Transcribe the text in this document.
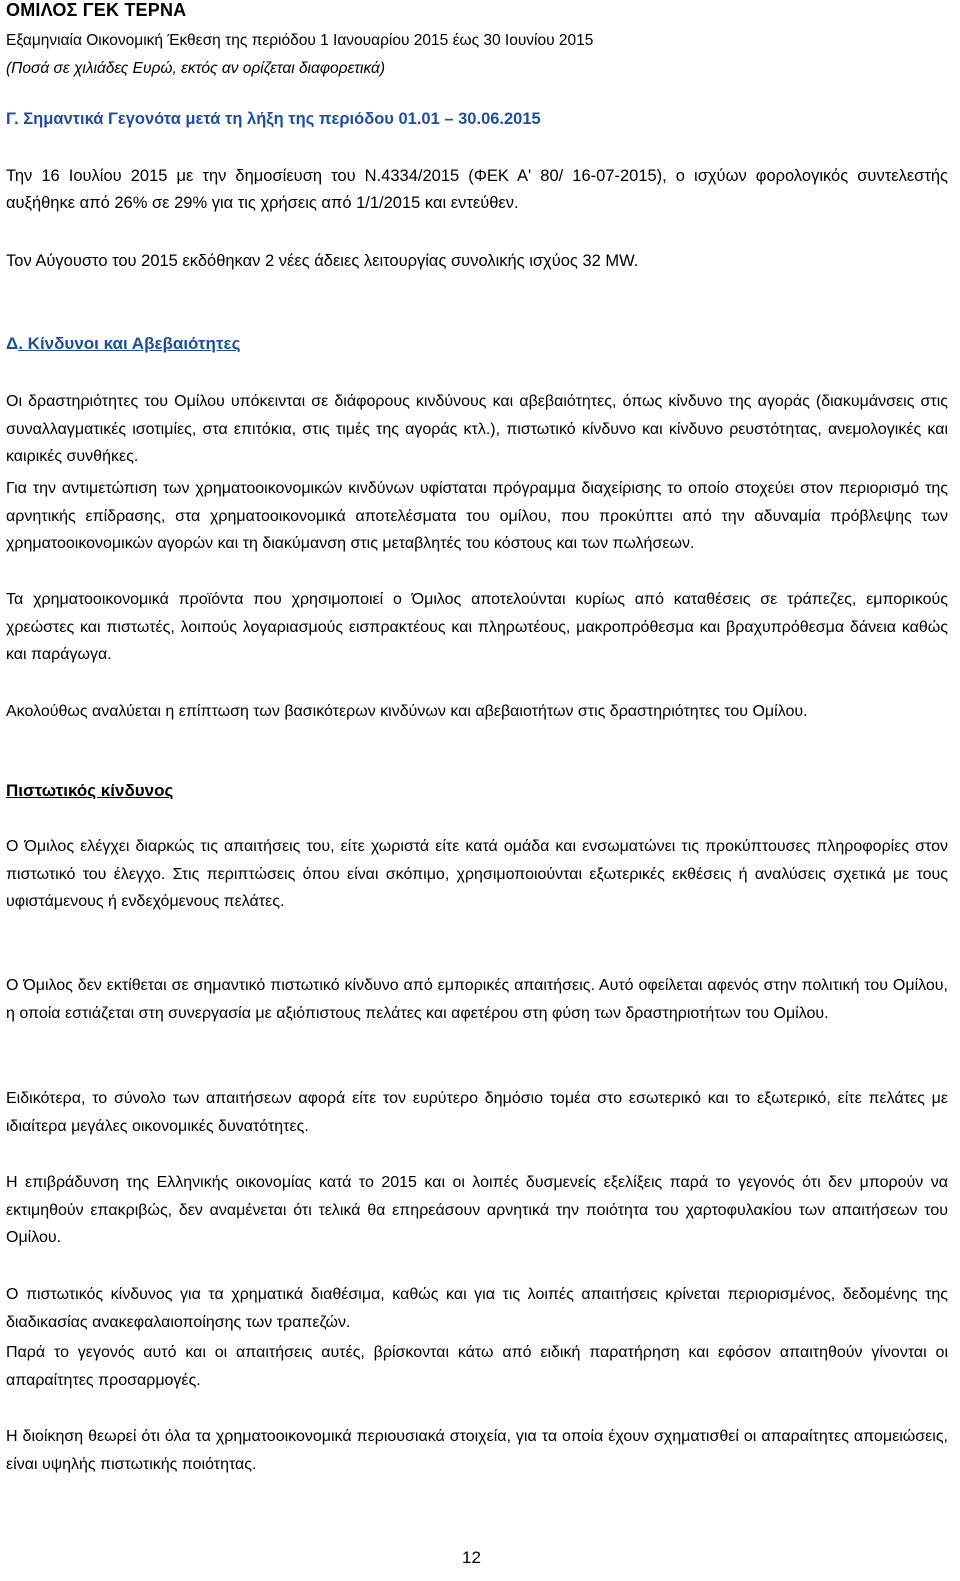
ΟΜΙΛΟΣ ΓΕΚ ΤΕΡΝΑ
Εξαμηνιαία Οικονομική Έκθεση της περιόδου 1 Ιανουαρίου 2015 έως 30 Ιουνίου 2015
(Ποσά σε χιλιάδες Ευρώ, εκτός αν ορίζεται διαφορετικά)
Γ. Σημαντικά Γεγονότα μετά τη λήξη της περιόδου 01.01 – 30.06.2015
Την 16 Ιουλίου 2015 με την δημοσίευση του Ν.4334/2015 (ΦΕΚ Α' 80/ 16-07-2015), ο ισχύων φορολογικός συντελεστής αυξήθηκε από 26% σε 29% για τις χρήσεις από 1/1/2015 και εντεύθεν.
Τον Αύγουστο του 2015 εκδόθηκαν 2 νέες άδειες λειτουργίας συνολικής ισχύος 32 MW.
Δ. Κίνδυνοι και Αβεβαιότητες
Οι δραστηριότητες του Ομίλου υπόκεινται σε διάφορους κινδύνους και αβεβαιότητες, όπως κίνδυνο της αγοράς (διακυμάνσεις στις συναλλαγματικές ισοτιμίες, στα επιτόκια, στις τιμές της αγοράς κτλ.), πιστωτικό κίνδυνο και κίνδυνο ρευστότητας, ανεμολογικές και καιρικές συνθήκες.
Για την αντιμετώπιση των χρηματοοικονομικών κινδύνων υφίσταται πρόγραμμα διαχείρισης το οποίο στοχεύει στον περιορισμό της αρνητικής επίδρασης, στα χρηματοοικονομικά αποτελέσματα του ομίλου, που προκύπτει από την αδυναμία πρόβλεψης των χρηματοοικονομικών αγορών και τη διακύμανση στις μεταβλητές του κόστους και των πωλήσεων.
Τα χρηματοοικονομικά προϊόντα που χρησιμοποιεί ο Όμιλος αποτελούνται κυρίως από καταθέσεις σε τράπεζες, εμπορικούς χρεώστες και πιστωτές, λοιπούς λογαριασμούς εισπρακτέους και πληρωτέους, μακροπρόθεσμα και βραχυπρόθεσμα δάνεια καθώς και παράγωγα.
Ακολούθως αναλύεται η επίπτωση των βασικότερων κινδύνων και αβεβαιοτήτων στις δραστηριότητες του Ομίλου.
Πιστωτικός κίνδυνος
Ο Όμιλος ελέγχει διαρκώς τις απαιτήσεις του, είτε χωριστά είτε κατά ομάδα και ενσωματώνει τις προκύπτουσες πληροφορίες στον πιστωτικό του έλεγχο. Στις περιπτώσεις όπου είναι σκόπιμο, χρησιμοποιούνται εξωτερικές εκθέσεις ή αναλύσεις σχετικά με τους υφιστάμενους ή ενδεχόμενους πελάτες.
Ο Όμιλος δεν εκτίθεται σε σημαντικό πιστωτικό κίνδυνο από εμπορικές απαιτήσεις. Αυτό οφείλεται αφενός στην πολιτική του Ομίλου, η οποία εστιάζεται στη συνεργασία με αξιόπιστους πελάτες και αφετέρου στη φύση των δραστηριοτήτων του Ομίλου.
Ειδικότερα, το σύνολο των απαιτήσεων αφορά είτε τον ευρύτερο δημόσιο τομέα στο εσωτερικό και το εξωτερικό, είτε πελάτες με ιδιαίτερα μεγάλες οικονομικές δυνατότητες.
Η επιβράδυνση της Ελληνικής οικονομίας κατά το 2015 και οι λοιπές δυσμενείς εξελίξεις παρά το γεγονός ότι δεν μπορούν να εκτιμηθούν επακριβώς, δεν αναμένεται ότι τελικά θα επηρεάσουν αρνητικά την ποιότητα του χαρτοφυλακίου των απαιτήσεων του Ομίλου.
Ο πιστωτικός κίνδυνος για τα χρηματικά διαθέσιμα, καθώς και για τις λοιπές απαιτήσεις κρίνεται περιορισμένος, δεδομένης της διαδικασίας ανακεφαλαιοποίησης των τραπεζών.
Παρά το γεγονός αυτό και οι απαιτήσεις αυτές, βρίσκονται κάτω από ειδική παρατήρηση και εφόσον απαιτηθούν γίνονται οι απαραίτητες προσαρμογές.
Η διοίκηση θεωρεί ότι όλα τα χρηματοοικονομικά περιουσιακά στοιχεία, για τα οποία έχουν σχηματισθεί οι απαραίτητες απομειώσεις, είναι υψηλής πιστωτικής ποιότητας.
12
